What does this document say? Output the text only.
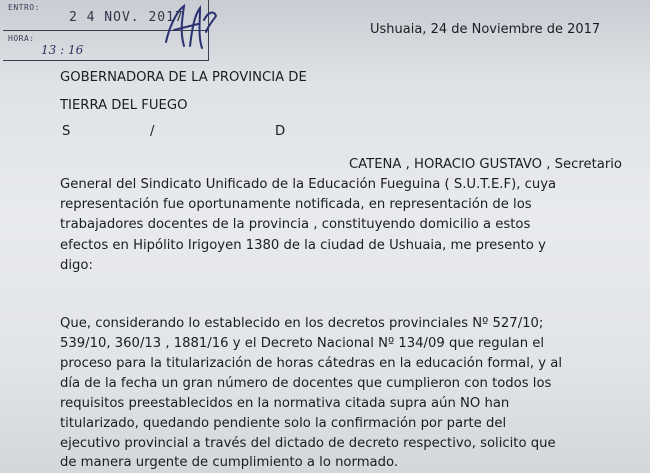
ENTRO:
2 4 NOV. 2017
HORA:
13 : 16
Ushuaia, 24 de Noviembre de 2017
GOBERNADORA DE LA PROVINCIA DE
TIERRA DEL FUEGO
S	/	D
CATENA , HORACIO GUSTAVO , Secretario
General del Sindicato Unificado de la Educación Fueguina ( S.U.T.E.F), cuya
representación fue oportunamente notificada, en representación de los
trabajadores docentes de la provincia , constituyendo domicilio a estos
efectos en Hipólito Irigoyen 1380 de la ciudad de Ushuaia, me presento y
digo:
Que, considerando lo establecido en los decretos provinciales Nº 527/10;
539/10, 360/13 , 1881/16 y el Decreto Nacional Nº 134/09 que regulan el
proceso para la titularización de horas cátedras en la educación formal, y al
día de la fecha un gran número de docentes que cumplieron con todos los
requisitos preestablecidos en la normativa citada supra aún NO han
titularizado, quedando pendiente solo la confirmación por parte del
ejecutivo provincial a través del dictado de decreto respectivo, solicito que
de manera urgente de cumplimiento a lo normado.
